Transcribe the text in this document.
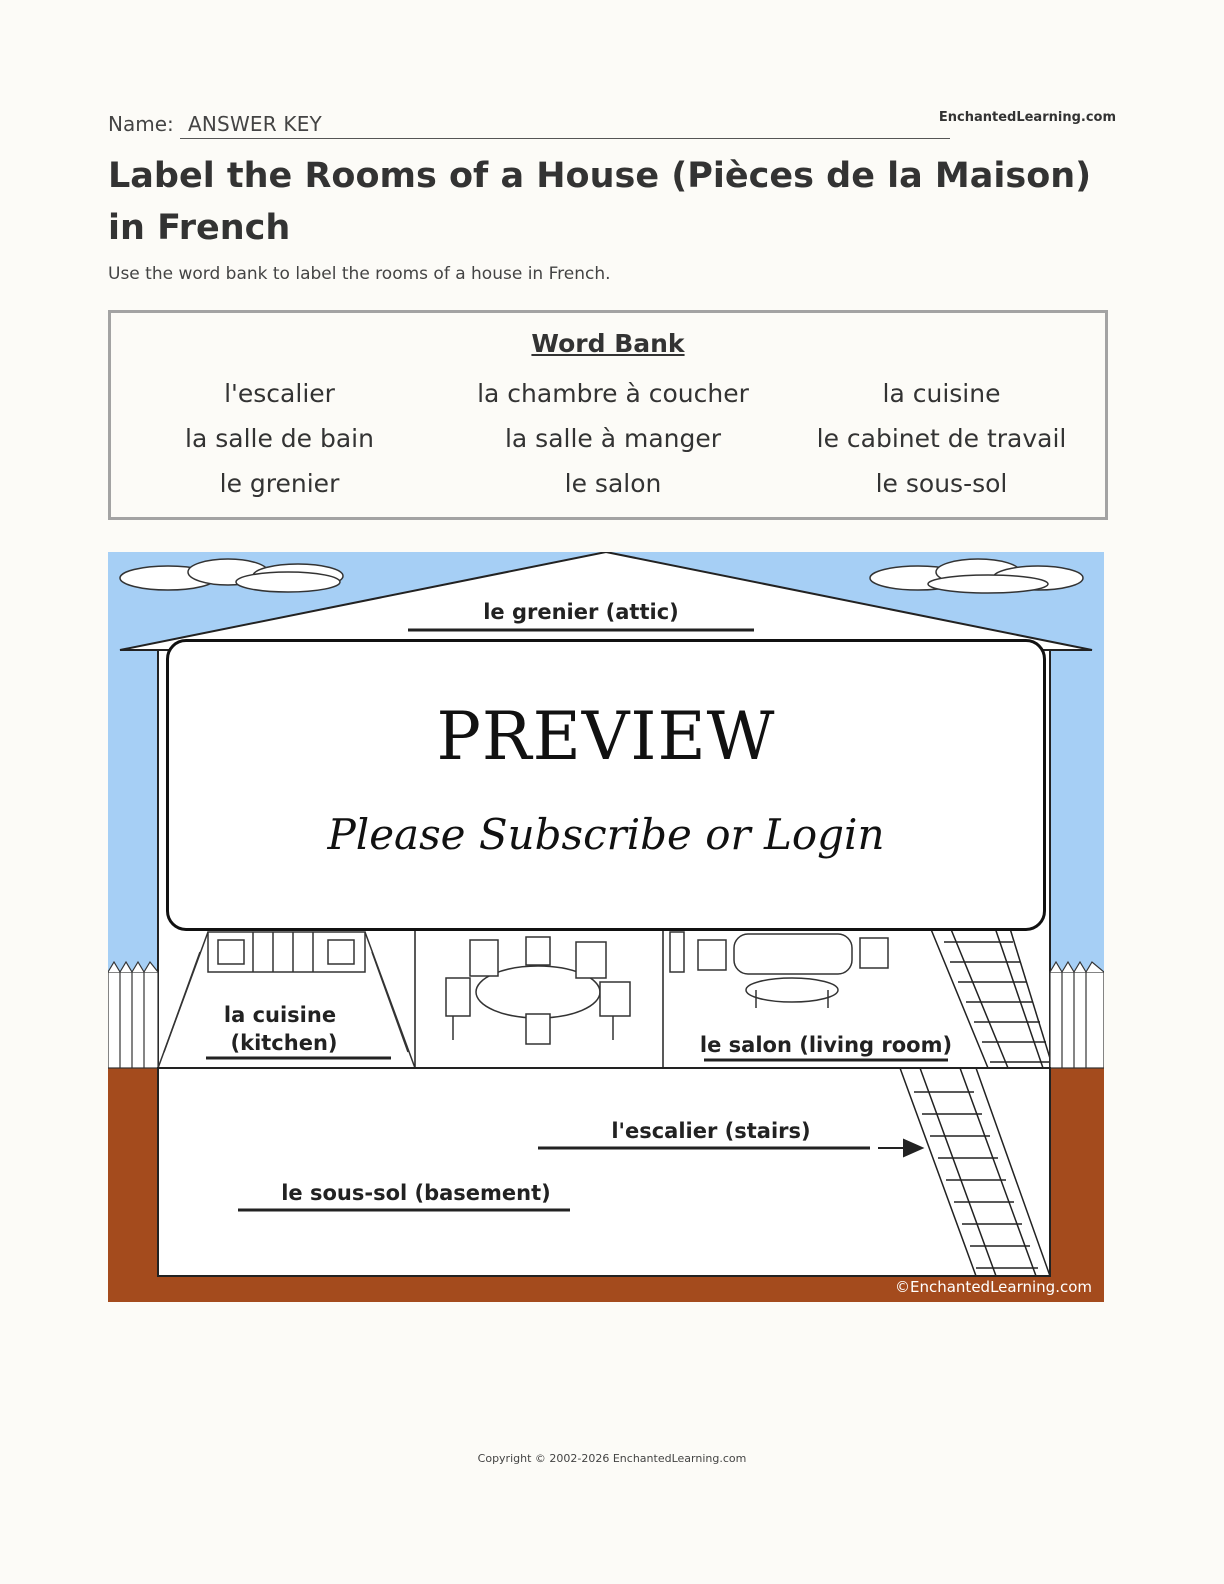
Name: ANSWER KEY	EnchantedLearning.com
Label the Rooms of a House (Pièces de la Maison) in French
Use the word bank to label the rooms of a house in French.
Word Bank
l'escalier	la chambre à coucher	la cuisine
la salle de bain	la salle à manger	le cabinet de travail
le grenier	le salon	le sous-sol
le grenier (attic)
la cuisine
(kitchen)	le salon (living room)
l'escalier (stairs)
le sous-sol (basement)
©EnchantedLearning.com
PREVIEW
Please Subscribe or Login
Copyright © 2002-2026 EnchantedLearning.com
